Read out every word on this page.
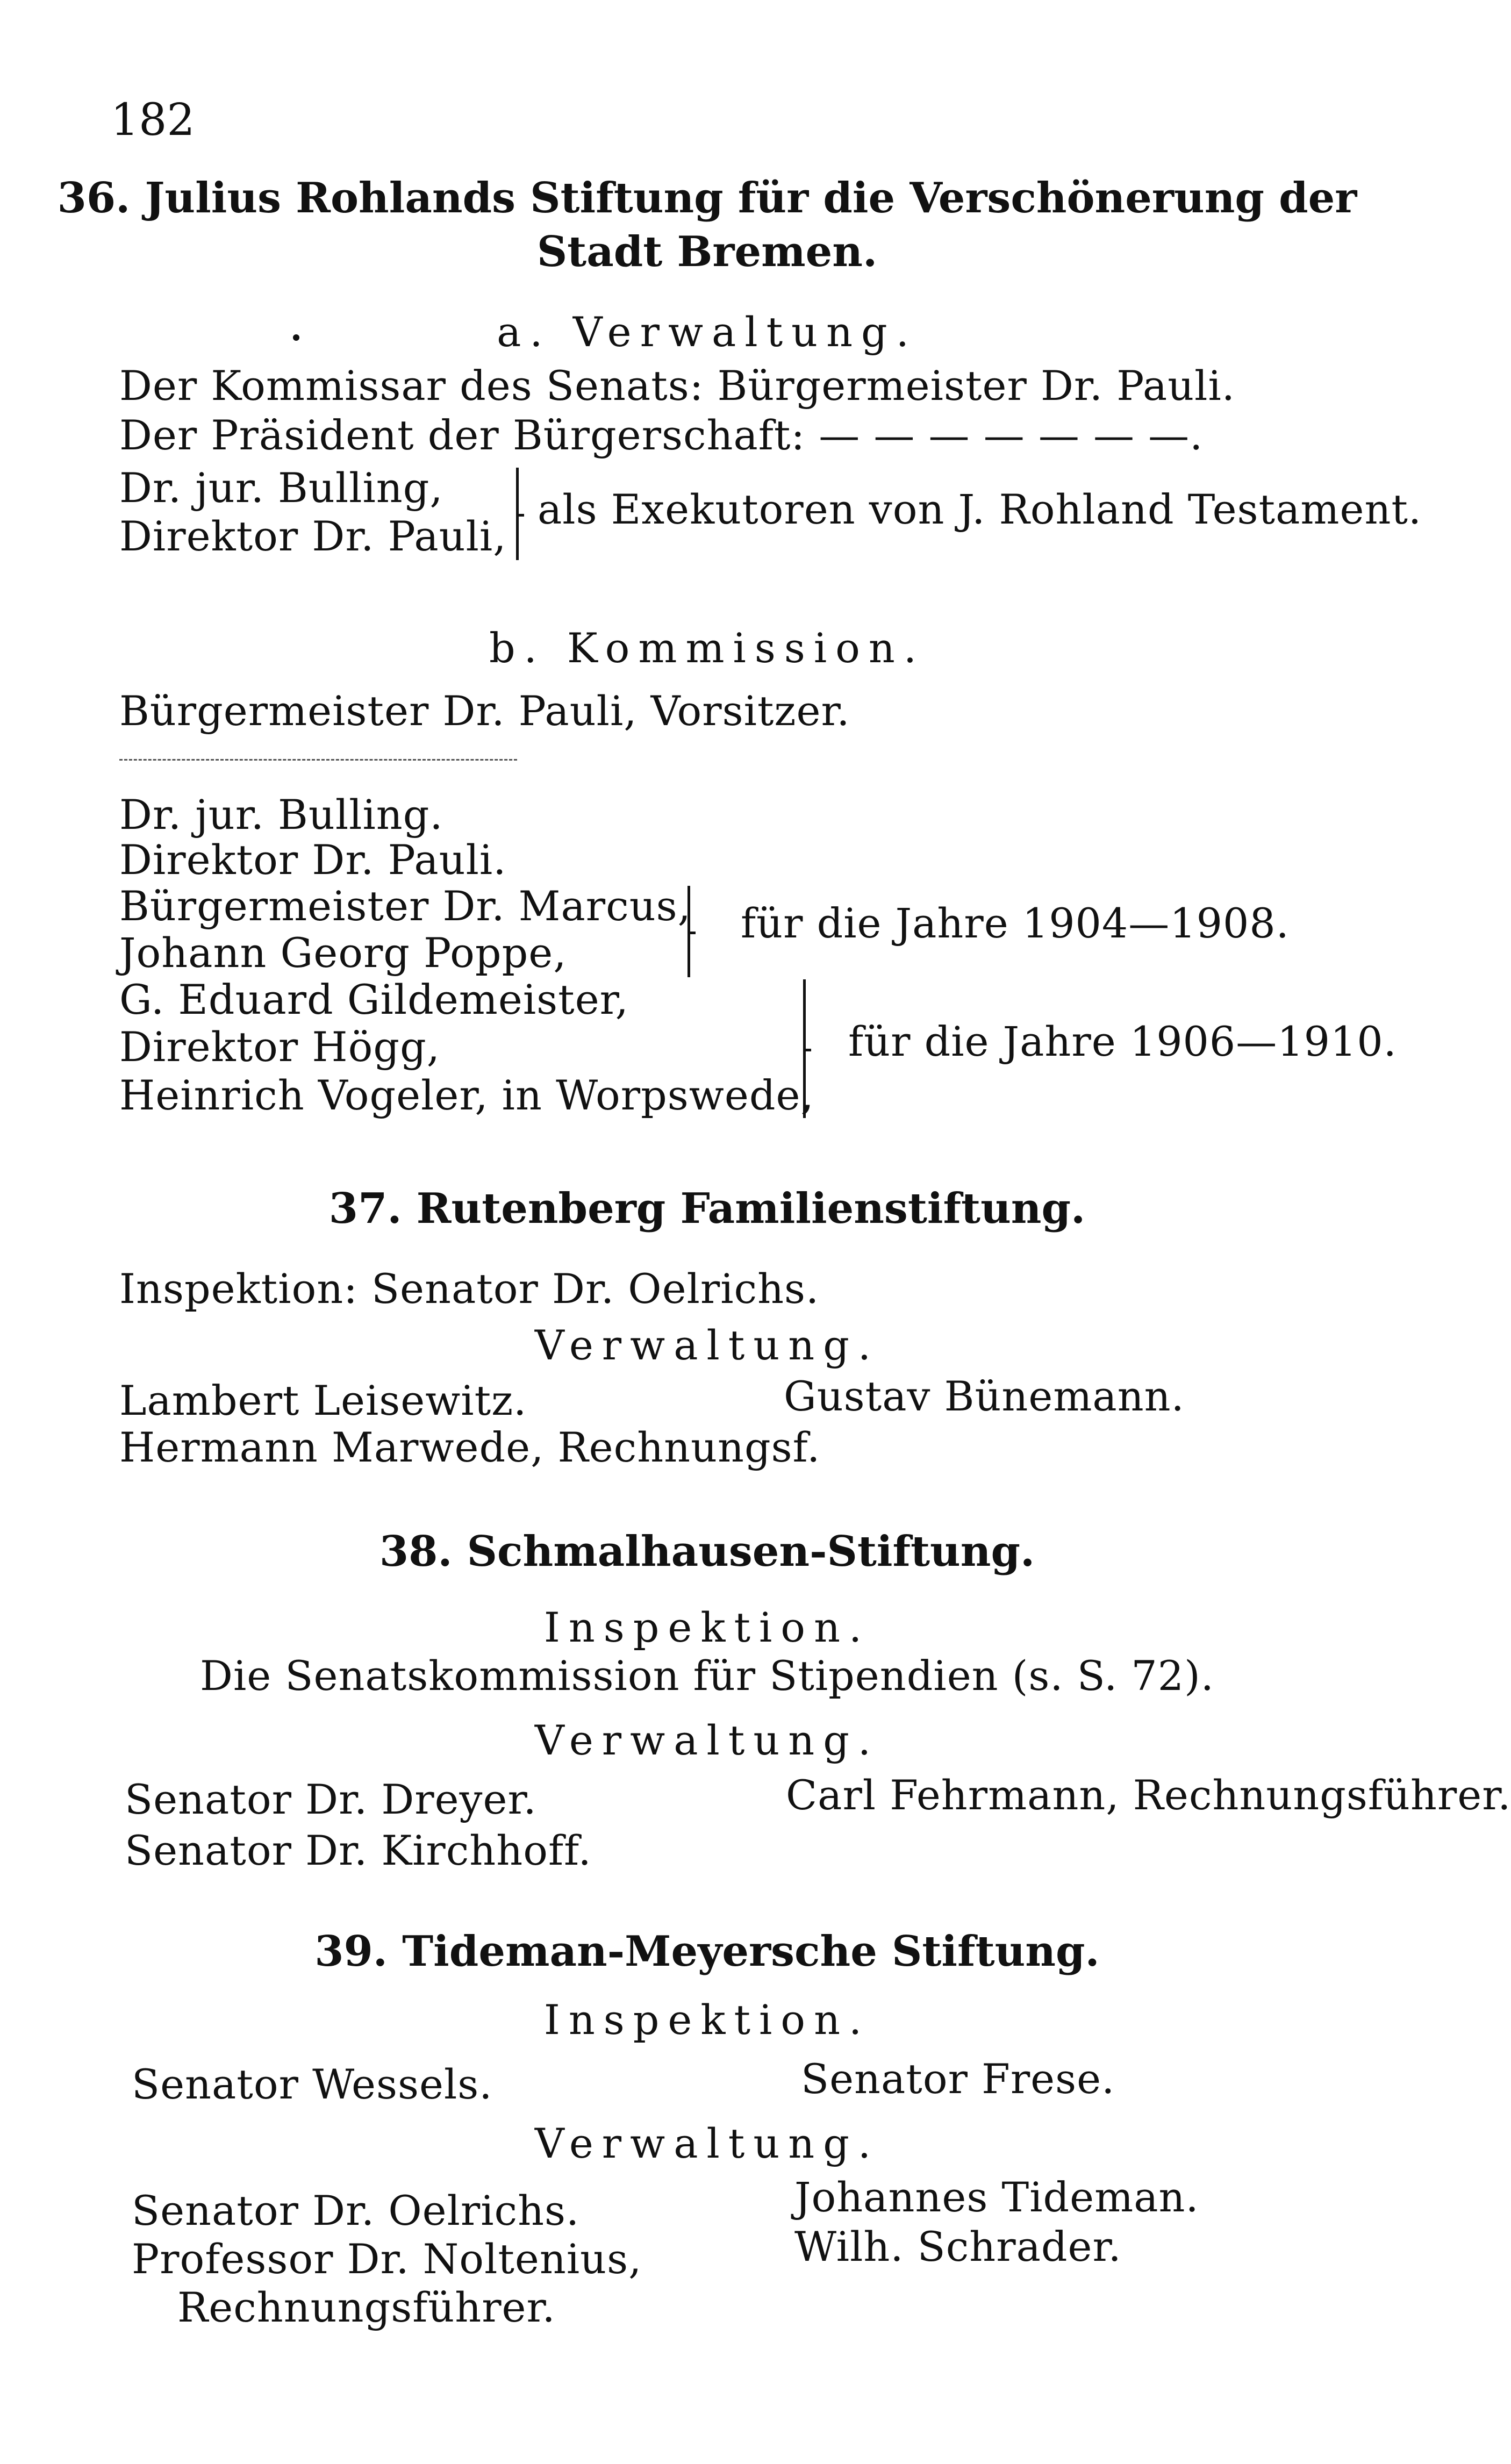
182
36. Julius Rohlands Stiftung für die Verschönerung der
Stadt Bremen.
a. Verwaltung.
Der Kommissar des Senats: Bürgermeister Dr. Pauli.
Der Präsident der Bürgerschaft: — — — — — — —.
Dr. jur. Bulling,
Direktor Dr. Pauli,
als Exekutoren von J. Rohland Testament.
b. Kommission.
Bürgermeister Dr. Pauli, Vorsitzer.
Dr. jur. Bulling.
Direktor Dr. Pauli.
Bürgermeister Dr. Marcus,
Johann Georg Poppe,
für die Jahre 1904—1908.
G. Eduard Gildemeister,
Direktor Högg,
Heinrich Vogeler, in Worpswede,
für die Jahre 1906—1910.
37. Rutenberg Familienstiftung.
Inspektion: Senator Dr. Oelrichs.
Verwaltung.
Lambert Leisewitz.
Hermann Marwede, Rechnungsf.
Gustav Bünemann.
38. Schmalhausen-Stiftung.
Inspektion.
Die Senatskommission für Stipendien (s. S. 72).
Verwaltung.
Senator Dr. Dreyer.
Senator Dr. Kirchhoff.
Carl Fehrmann, Rechnungsführer.
39. Tideman-Meyersche Stiftung.
Inspektion.
Senator Wessels.	Senator Frese.
Verwaltung.
Senator Dr. Oelrichs.
Professor Dr. Noltenius,
Rechnungsführer.
Johannes Tideman.
Wilh. Schrader.
